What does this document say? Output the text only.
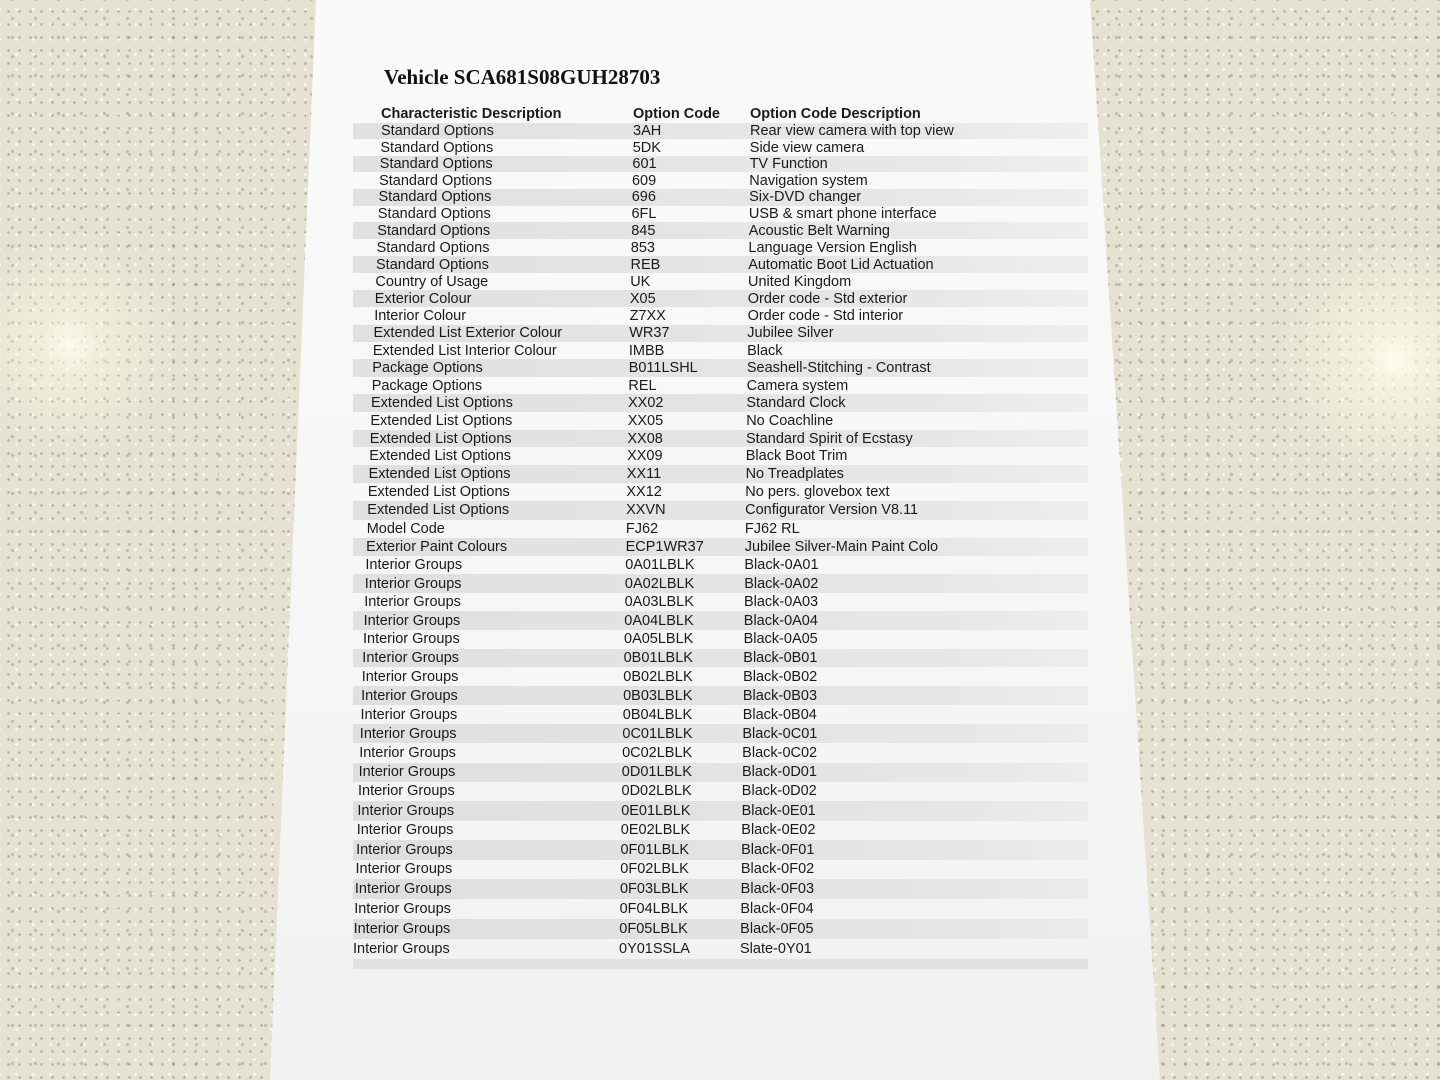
Vehicle SCA681S08GUH28703
Characteristic Description	Option Code	Option Code Description
Standard Options	3AH	Rear view camera with top view
Standard Options	5DK	Side view camera
Standard Options	601	TV Function
Standard Options	609	Navigation system
Standard Options	696	Six-DVD changer
Standard Options	6FL	USB & smart phone interface
Standard Options	845	Acoustic Belt Warning
Standard Options	853	Language Version English
Standard Options	REB	Automatic Boot Lid Actuation
Country of Usage	UK	United Kingdom
Exterior Colour	X05	Order code - Std exterior
Interior Colour	Z7XX	Order code - Std interior
Extended List Exterior Colour	WR37	Jubilee Silver
Extended List Interior Colour	IMBB	Black
Package Options	B011LSHL	Seashell-Stitching - Contrast
Package Options	REL	Camera system
Extended List Options	XX02	Standard Clock
Extended List Options	XX05	No Coachline
Extended List Options	XX08	Standard Spirit of Ecstasy
Extended List Options	XX09	Black Boot Trim
Extended List Options	XX11	No Treadplates
Extended List Options	XX12	No pers. glovebox text
Extended List Options	XXVN	Configurator Version V8.11
Model Code	FJ62	FJ62 RL
Exterior Paint Colours	ECP1WR37	Jubilee Silver-Main Paint Colo
Interior Groups	0A01LBLK	Black-0A01
Interior Groups	0A02LBLK	Black-0A02
Interior Groups	0A03LBLK	Black-0A03
Interior Groups	0A04LBLK	Black-0A04
Interior Groups	0A05LBLK	Black-0A05
Interior Groups	0B01LBLK	Black-0B01
Interior Groups	0B02LBLK	Black-0B02
Interior Groups	0B03LBLK	Black-0B03
Interior Groups	0B04LBLK	Black-0B04
Interior Groups	0C01LBLK	Black-0C01
Interior Groups	0C02LBLK	Black-0C02
Interior Groups	0D01LBLK	Black-0D01
Interior Groups	0D02LBLK	Black-0D02
Interior Groups	0E01LBLK	Black-0E01
Interior Groups	0E02LBLK	Black-0E02
Interior Groups	0F01LBLK	Black-0F01
Interior Groups	0F02LBLK	Black-0F02
Interior Groups	0F03LBLK	Black-0F03
Interior Groups	0F04LBLK	Black-0F04
Interior Groups	0F05LBLK	Black-0F05
Interior Groups	0Y01SSLA	Slate-0Y01
